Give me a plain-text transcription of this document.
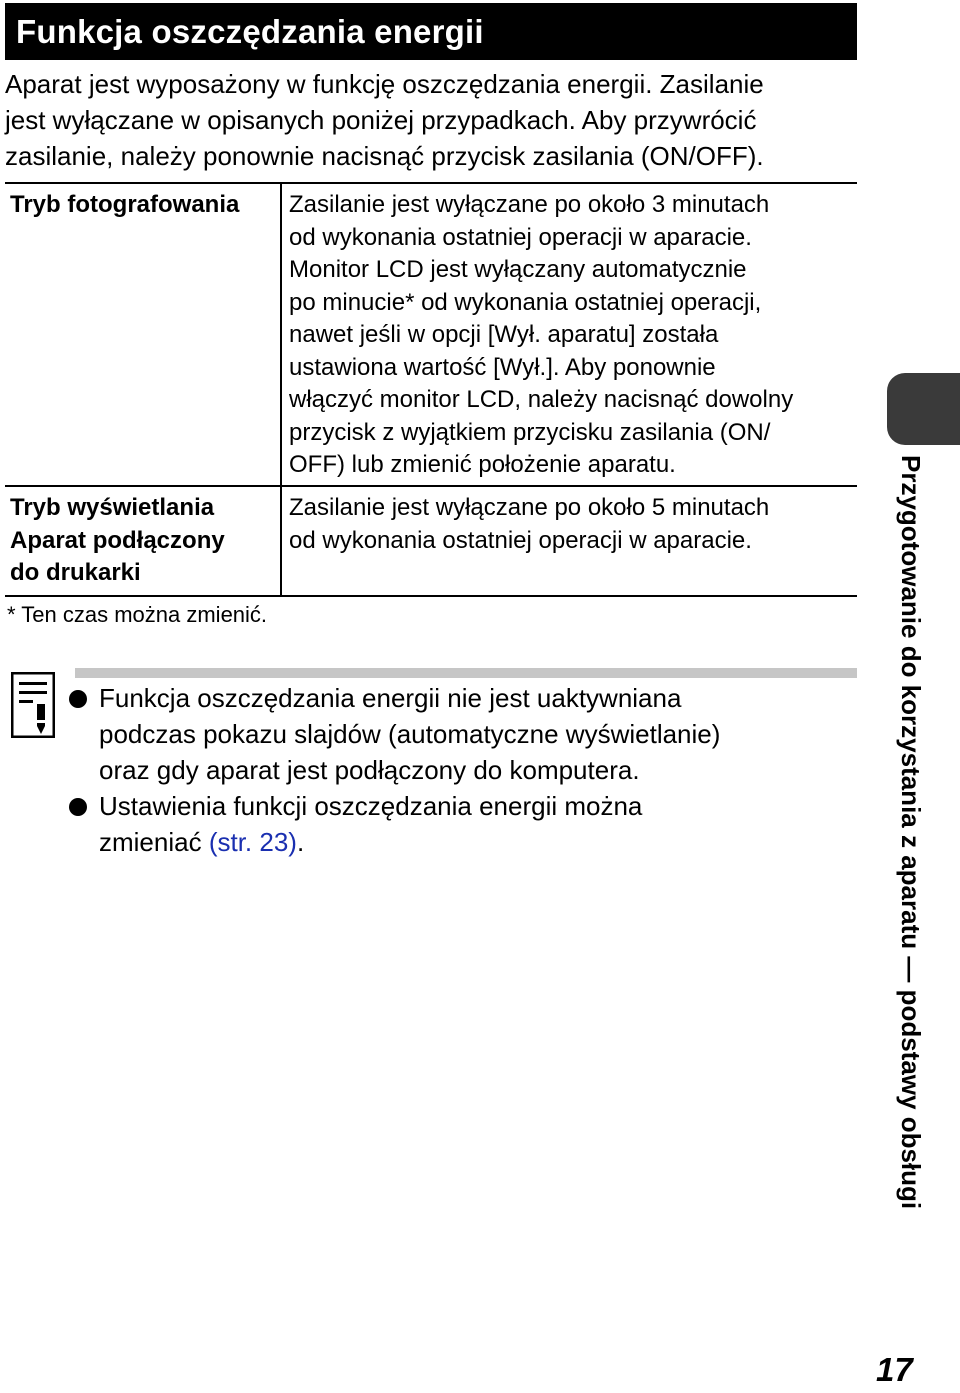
Funkcja oszczędzania energii
Aparat jest wyposażony w funkcję oszczędzania energii. Zasilanie
jest wyłączane w opisanych poniżej przypadkach. Aby przywrócić
zasilanie, należy ponownie nacisnąć przycisk zasilania (ON/OFF).
Tryb fotografowania Zasilanie jest wyłączane po około 3 minutach
od wykonania ostatniej operacji w aparacie.
Monitor LCD jest wyłączany automatycznie
po minucie* od wykonania ostatniej operacji,
nawet jeśli w opcji [Wył. aparatu] została
ustawiona wartość [Wył.]. Aby ponownie
włączyć monitor LCD, należy nacisnąć dowolny
przycisk z wyjątkiem przycisku zasilania (ON/
OFF) lub zmienić położenie aparatu.
Tryb wyświetlania
Aparat podłączony
do drukarki
Zasilanie jest wyłączane po około 5 minutach
od wykonania ostatniej operacji w aparacie.
* Ten czas można zmienić.
Funkcja oszczędzania energii nie jest uaktywniana
podczas pokazu slajdów (automatyczne wyświetlanie)
oraz gdy aparat jest podłączony do komputera.
Ustawienia funkcji oszczędzania energii można
zmieniać (str. 23).	Przygotowanie do korzystania z aparatu — podstawy obsługi
17
